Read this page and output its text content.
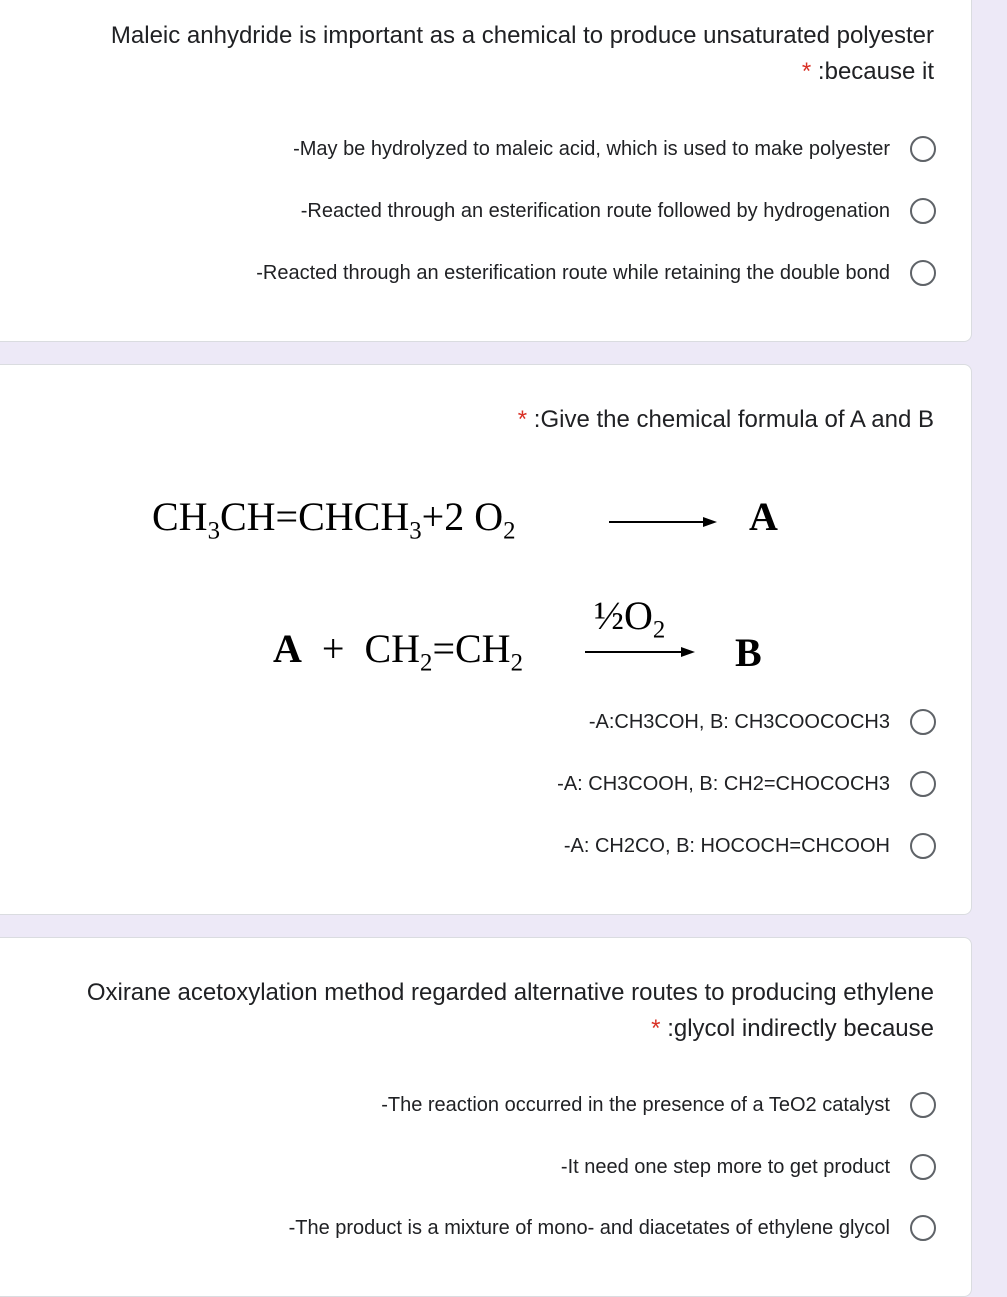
Maleic anhydride is important as a chemical to produce unsaturated polyester
* :because it
-May be hydrolyzed to maleic acid, which is used to make polyester
-Reacted through an esterification route followed by hydrogenation
-Reacted through an esterification route while retaining the double bond
* :Give the chemical formula of A and B
$CH_3CH=CHCH_3+2$ $O_2$	A
$A + CH_2=CH_2$
$\frac{1}{2}O_2$ B
-A:CH3COH, B: CH3COOCOCH3
-A: CH3COOH, B: CH2=CHOCOCH3
-A: CH2CO, B: HOCOCH=CHCOOH
Oxirane acetoxylation method regarded alternative routes to producing ethylene
* :glycol indirectly because
-The reaction occurred in the presence of a TeO2 catalyst
-It need one step more to get product
-The product is a mixture of mono- and diacetates of ethylene glycol
